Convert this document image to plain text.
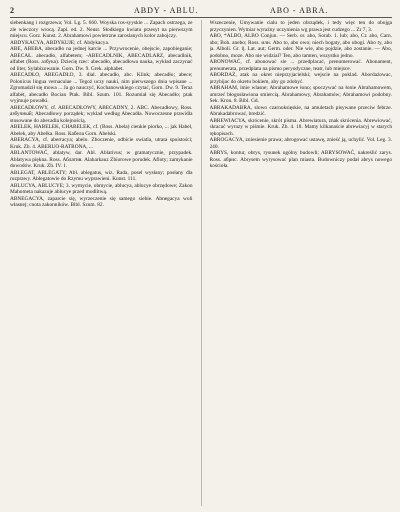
2	ABDY - ABLU.	ABO - ABRA.

siebenkang i rozgrzewa; Vol. Lg. 5. 660. Woyska ros-syyskie ... Zapach ostrzega, ze zle wieczory wrocą. Zapl. ed. 2. Neust. Słodkiego kwiatu przesyt na pierwszym miejscu. Gorz. Kunst. 2. Abrahamowi powietrzne zaroslanych kolor zabojczy.

ABDYKACYA, ABDYKUJE; cf. Abdykacya.

ABE, ABEBA, abecadło na jednej karcie ... Przywrocenie, obejscie, zapobieganie; ABECAŁ. abecadło, alfabetem; -ABECADLNIK, ABECADLARZ, abecadlnik, alfabet (Ross. азбука). Dziecię rzec: abecadło, abecadłowa nauka, wykład zaczynać od liter, Sylabizowanie. Gorn. Dw. 9. Grek. alphabet.

ABECADŁO, ABEGADŁO, 3. dial. abecadło, abc. Klink; abecadło; abece; Polonicus lingua vernaculae ... Tegoż uczy nauki, nim pierwszego dnia wpisane ... Zgromadził się mowa ... Ja go nauczyć, Kochanowskiego czytać, Gorn. Dw. 9. Teraz alfabet, abecadło Bocian Ptak. Bibl. Szum. 101. Rozumiał się Abecadło; ptak wyjmuje powałki.

ABECADŁOWY, cf. ABECADŁOWY, ABECADNY, 2. ABC. Abecadłowy, Ross. азбучный; Abecadłowy porządek; wyklad według Abecadła. Nowoczesne prawidla stosowane do abecadla kolejnością.

ABELEK, HABELEK, CHABELEK, cf. (Boss. Abela) cienkie piorko, ... jak Habel, Abelek, aby Abelka. Ross. Кабела Gorn. Abelski.

ABERACYA, cf. aberracya; abelo. Zboczenie, odbicie swiatla, utrata spoistości; Kruk. Zb. 4. ABERUO-RATRONA, ...

ABLANTOWAĆ, ablatyw, dar. Abl. Ablativus; w gramatycznie, przypadek. Ablatywa piękna. Ross. Аблатив. Alaharkauz Zbiorowe porudek. Afloty; zamykanie dowodów. Kruk. Zb. IV. 1.

ABLEGAT, ABLEGATY; Abl. ablegatus, wiz. Rada, posel wysłany; posłany dla rozprawy. Ablegatowie do Rzymu wyprawieni. Kunst. 111.

ABLUCYA, ABLUCYE; 3. wymycie, obmycie, ablucya, ablucye obrzędowe; Zakon Mahometa nakazuje ablucye przed modlitwą.

ABNEGACYA, zaparcie się, wyrzeczenie się samego siebie. Abnegacya woli własnej; cnota zakonników. Bibl. Szum. 82.

Wszeczenie, Umywanie cialu to jeden obrządek, i tedy więc ten do obojga przyczynien. Wymiar wyraźny uczynienia wg prawa jest cudzego ... Zr 7, 3.

ABO, *ALBO, ALBO Conjun. — Serb. or. abo, Sorab. 1. lub; abo, Cr. abo, Carn. abo; Boh. anebo; Ross. или. Abo to, abo owo; niech bogaty, abo ubogi. Abo ty, abo ja. Alboli. Gr. ἤ. Lat. aut; Germ. oder. Nie wie, abo pojdzie, abo zostanie. — Abo, podobno, moze. Abo nie widzial? Ten, abo tamten, wszystko jedno.

ABONOWAĆ, cf. abonować sie ... przedplacać, prenumerować. Abonament, prenumerata, przedplata na pismo peryodyczne, teatr, lub miejsce.

ABORDAŻ, atak na okret nieprzyjacielski; wejscie na poklad. Abordażowac, przybijac do okretu bokiem, aby go zdobyć.

ABRAHAM, imie wlasne; Abrahamowe łono; spoczywać na łonie Abrahamowem, umrzeć błogosławiona smiercią. Abrahamowy, Abrahamów; Abrahamowi podobny. Sek. Kron. 8. Bibl. Gd.

ABRAKADABRA, slowo czarnoksięskie, na amuletach pisywane przeciw febrze. Abrakadabrować, bredzić.

ABREWIACYA, skrócenie, skrót pisma. Abrewiatura, znak skrócenia. Abrewiować, skracać wyrazy w piśmie. Kruk. Zb. 4. 18. Mamy kilkanaście abrewiacyj w starych rękopisach.

ABROGACYA, zniesienie prawa; abrogować ustawę, znieść ją, uchylić. Vol. Leg. 3. 240.

ABRYS, kontur, obrys, rysunek ogólny budowli; ABRYSOWAĆ, nakreślić zarys. Ross. абрис. Abrysem wyrysować plan miasta. Budowniczy podał abrys nowego kościoła.
